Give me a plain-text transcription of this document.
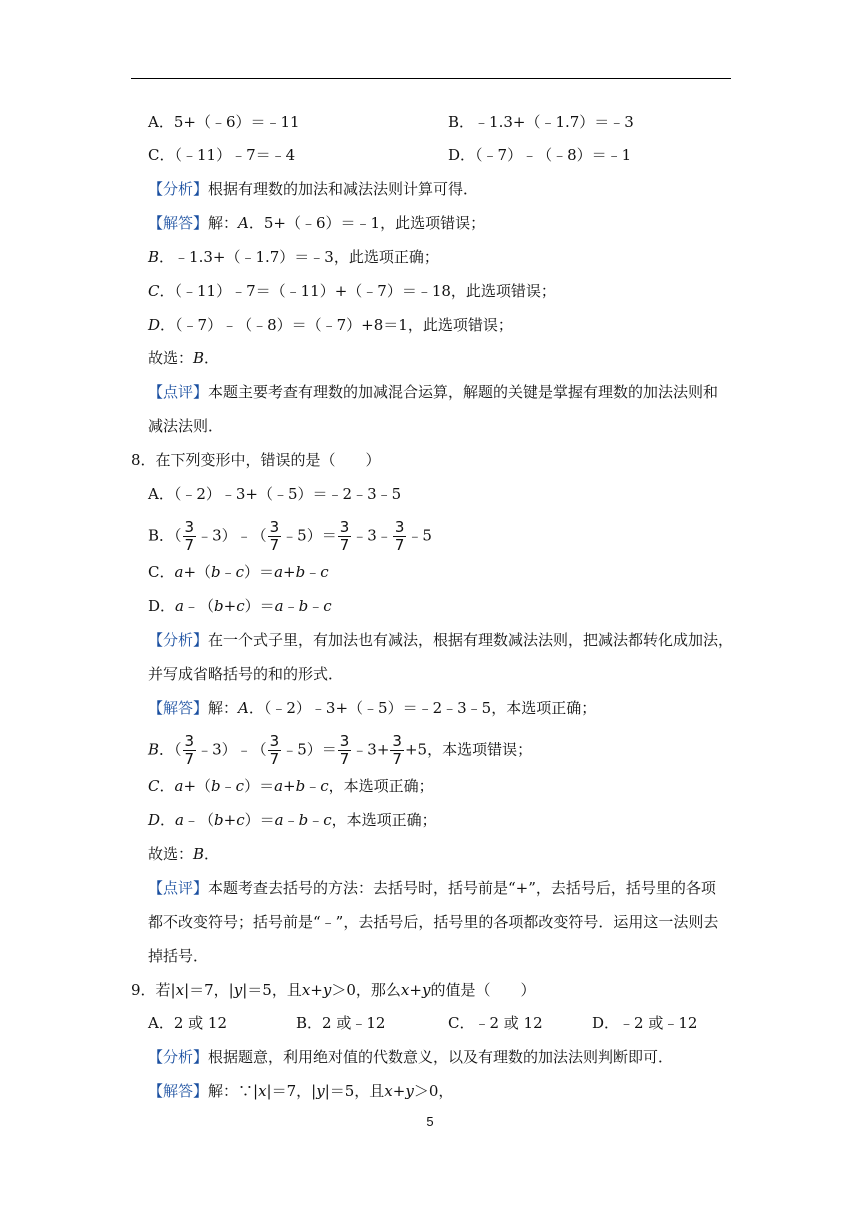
A．5+（﹣6）＝﹣11	B．﹣1.3+（﹣1.7）＝﹣3
C．（﹣11）﹣7＝﹣4	D．（﹣7）﹣（﹣8）＝﹣1
【分析】根据有理数的加法和减法法则计算可得．
【解答】解：A．5+（﹣6）＝﹣1，此选项错误；
B．﹣1.3+（﹣1.7）＝﹣3，此选项正确；
C．（﹣11）﹣7＝（﹣11）+（﹣7）＝﹣18，此选项错误；
D．（﹣7）﹣（﹣8）＝（﹣7）+8＝1，此选项错误；
故选：B．
【点评】本题主要考查有理数的加减混合运算，解题的关键是掌握有理数的加法法则和
减法法则．
8．在下列变形中，错误的是（　　）
A．（﹣2）﹣3+（﹣5）＝﹣2﹣3﹣5
B．（ $\frac{3}{7}$ ﹣3）﹣（ $\frac{3}{7}$ ﹣5）＝ $\frac{3}{7}$ ﹣3﹣ $\frac{3}{7}$ ﹣5
C．a+（b﹣c）＝a+b﹣c
D．a﹣（b+c）＝a﹣b﹣c
【分析】在一个式子里，有加法也有减法，根据有理数减法法则，把减法都转化成加法，
并写成省略括号的和的形式．
【解答】解：A．（﹣2）﹣3+（﹣5）＝﹣2﹣3﹣5，本选项正确；
B．（ $\frac{3}{7}$ ﹣3）﹣（ $\frac{3}{7}$ ﹣5）＝ $\frac{3}{7}$ ﹣3+ $\frac{3}{7} +5$，本选项错误；
C．a+（b﹣c）＝a+b﹣c，本选项正确；
D．a﹣（b+c）＝a﹣b﹣c，本选项正确；
故选：B．
【点评】本题考查去括号的方法：去括号时，括号前是“+”，去括号后，括号里的各项
都不改变符号；括号前是“﹣”，去括号后，括号里的各项都改变符号．运用这一法则去
掉括号．
9．若|x|＝7，|y|＝5，且x+y＞0，那么x+y的值是（　　）
A．2 或 12	B．2 或﹣12	C．﹣2 或 12	D．﹣2 或﹣12
【分析】根据题意，利用绝对值的代数意义，以及有理数的加法法则判断即可．
【解答】解：∵|x|＝7，|y|＝5，且x+y＞0，
5
